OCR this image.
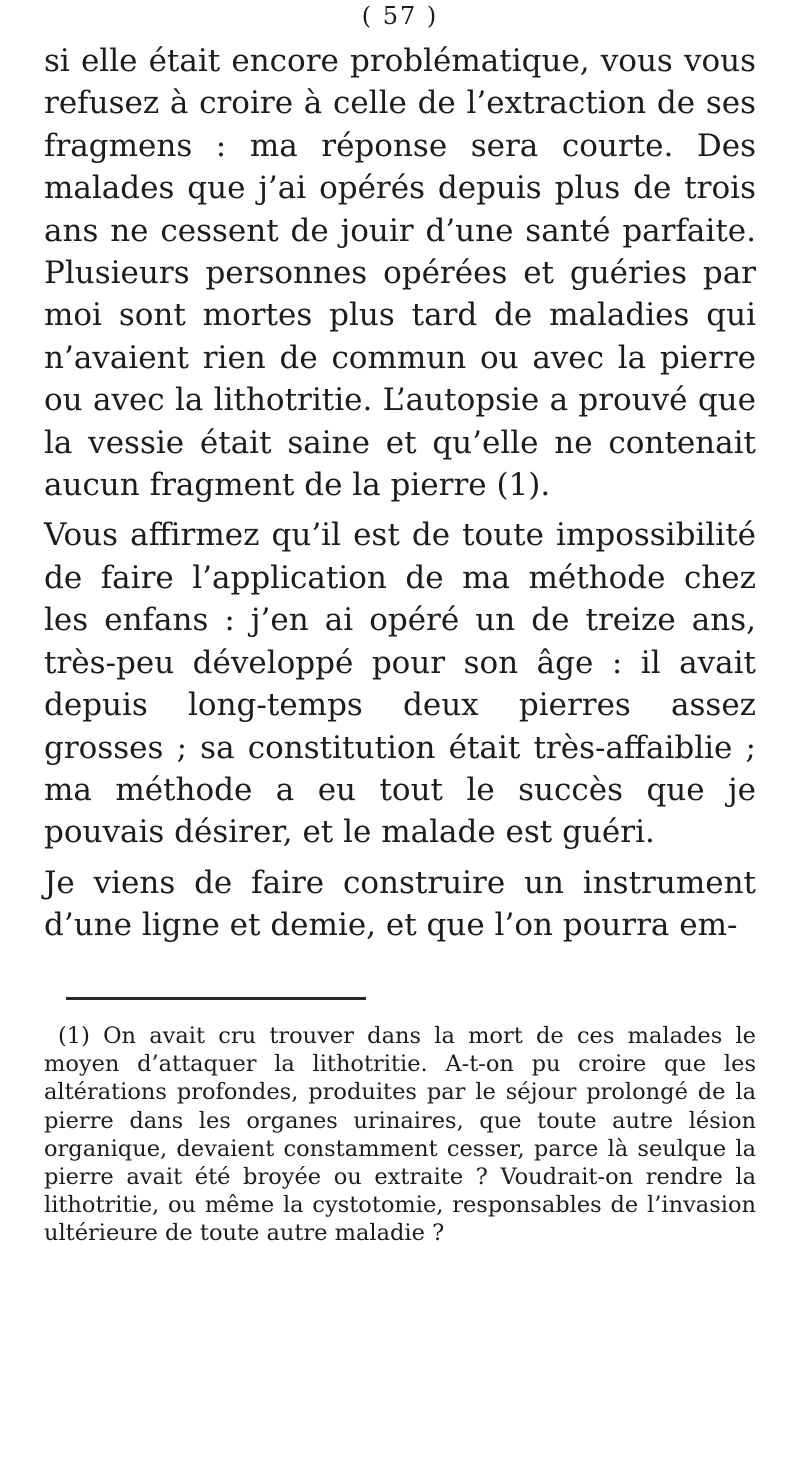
( 57 )

si elle était encore problématique, vous vous refusez à croire à celle de l’extraction de ses fragmens : ma réponse sera courte. Des malades que j’ai opérés depuis plus de trois ans ne cessent de jouir d’une santé parfaite. Plusieurs personnes opérées et guéries par moi sont mortes plus tard de maladies qui n’avaient rien de commun ou avec la pierre ou avec la lithotritie. L’autopsie a prouvé que la vessie était saine et qu’elle ne contenait aucun fragment de la pierre (1).

Vous affirmez qu’il est de toute impossibilité de faire l’application de ma méthode chez les enfans : j’en ai opéré un de treize ans, très-peu développé pour son âge : il avait depuis long-temps deux pierres assez grosses ; sa constitution était très-affaiblie ; ma méthode a eu tout le succès que je pouvais désirer, et le malade est guéri.

Je viens de faire construire un instrument d’une ligne et demie, et que l’on pourra em-

(1) On avait cru trouver dans la mort de ces malades le moyen d’attaquer la lithotritie. A-t-on pu croire que les altérations profondes, produites par le séjour prolongé de la pierre dans les organes urinaires, que toute autre lésion organique, devaient constamment cesser, parce là seulque la pierre avait été broyée ou extraite ? Voudrait-on rendre la lithotritie, ou même la cystotomie, responsables de l’invasion ultérieure de toute autre maladie ?
